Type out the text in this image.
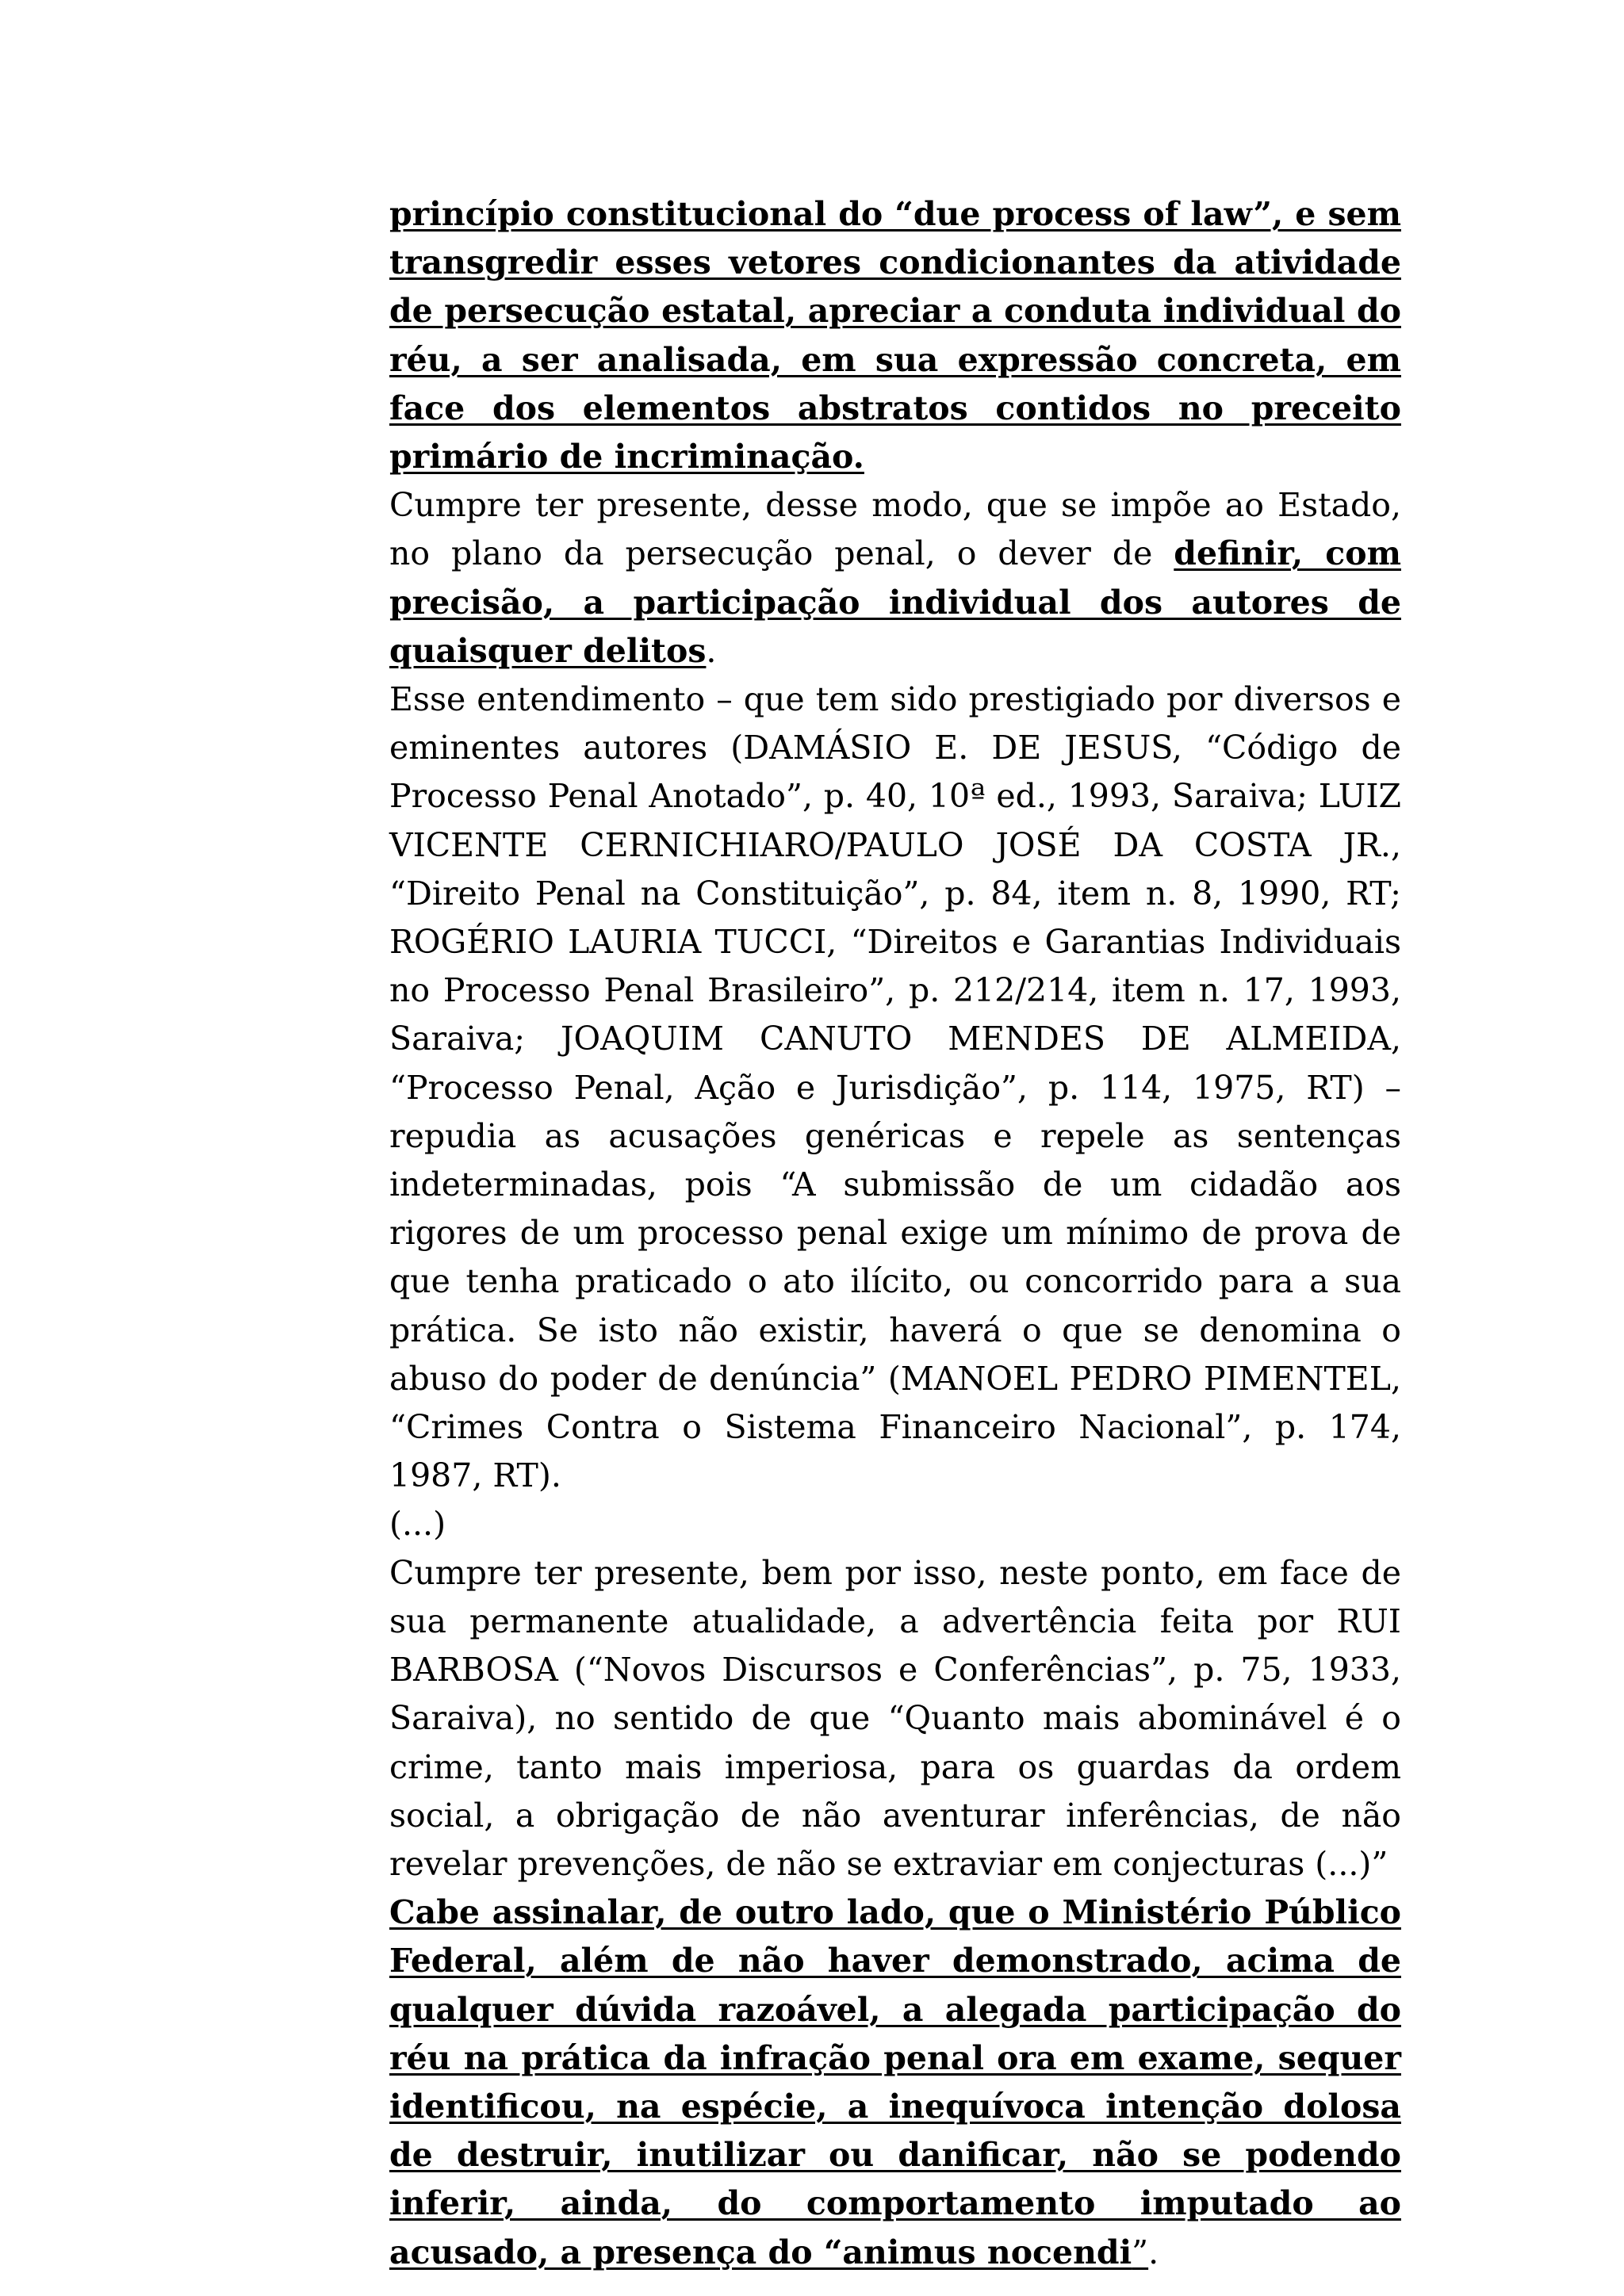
princípio constitucional do “due process of law”, e sem transgredir esses vetores condicionantes da atividade de persecução estatal, apreciar a conduta individual do réu, a ser analisada, em sua expressão concreta, em face dos elementos abstratos contidos no preceito primário de incriminação.

Cumpre ter presente, desse modo, que se impõe ao Estado, no plano da persecução penal, o dever de definir, com precisão, a participação individual dos autores de quaisquer delitos.

Esse entendimento – que tem sido prestigiado por diversos e eminentes autores (DAMÁSIO E. DE JESUS, “Código de Processo Penal Anotado”, p. 40, 10ª ed., 1993, Saraiva; LUIZ VICENTE CERNICHIARO/PAULO JOSÉ DA COSTA JR., “Direito Penal na Constituição”, p. 84, item n. 8, 1990, RT; ROGÉRIO LAURIA TUCCI, “Direitos e Garantias Individuais no Processo Penal Brasileiro”, p. 212/214, item n. 17, 1993, Saraiva; JOAQUIM CANUTO MENDES DE ALMEIDA, “Processo Penal, Ação e Jurisdição”, p. 114, 1975, RT) – repudia as acusações genéricas e repele as sentenças indeterminadas, pois “A submissão de um cidadão aos rigores de um processo penal exige um mínimo de prova de que tenha praticado o ato ilícito, ou concorrido para a sua prática. Se isto não existir, haverá o que se denomina o abuso do poder de denúncia” (MANOEL PEDRO PIMENTEL, “Crimes Contra o Sistema Financeiro Nacional”, p. 174, 1987, RT).

(...)

Cumpre ter presente, bem por isso, neste ponto, em face de sua permanente atualidade, a advertência feita por RUI BARBOSA (“Novos Discursos e Conferências”, p. 75, 1933, Saraiva), no sentido de que “Quanto mais abominável é o crime, tanto mais imperiosa, para os guardas da ordem social, a obrigação de não aventurar inferências, de não revelar prevenções, de não se extraviar em conjecturas (...)”

Cabe assinalar, de outro lado, que o Ministério Público Federal, além de não haver demonstrado, acima de qualquer dúvida razoável, a alegada participação do réu na prática da infração penal ora em exame, sequer identificou, na espécie, a inequívoca intenção dolosa de destruir, inutilizar ou danificar, não se podendo inferir, ainda, do comportamento imputado ao acusado, a presença do “animus nocendi”.
